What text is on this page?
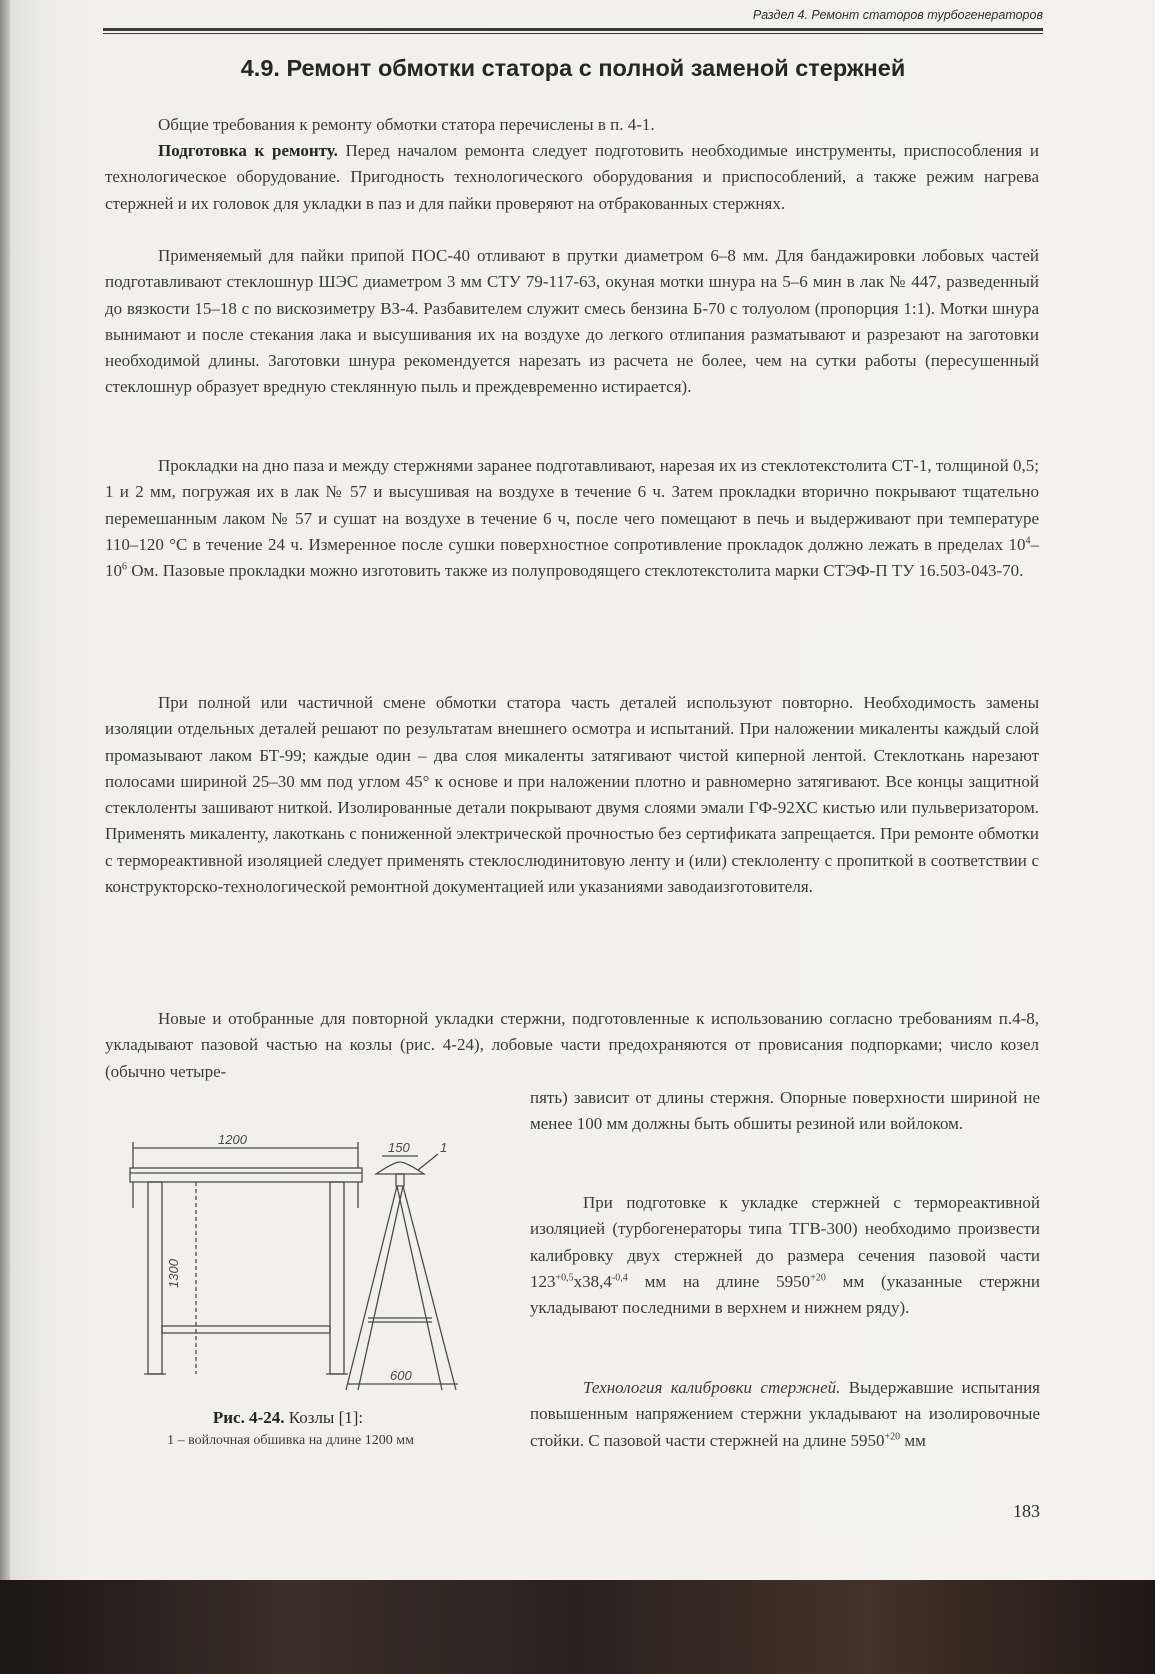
Раздел 4. Ремонт статоров турбогенераторов
4.9. Ремонт обмотки статора с полной заменой стержней

Общие требования к ремонту обмотки статора перечислены в п. 4-1.

Подготовка к ремонту. Перед началом ремонта следует подготовить необходимые инструменты, приспособления и технологическое оборудование. Пригодность технологического оборудования и приспособлений, а также режим нагрева стержней и их головок для укладки в паз и для пайки проверяют на отбракованных стержнях.

Применяемый для пайки припой ПОС-40 отливают в прутки диаметром 6–8 мм. Для бандажировки лобовых частей подготавливают стеклошнур ШЭС диаметром 3 мм СТУ 79-117-63, окуная мотки шнура на 5–6 мин в лак № 447, разведенный до вязкости 15–18 с по вискозиметру ВЗ-4. Разбавителем служит смесь бензина Б-70 с толуолом (пропорция 1:1). Мотки шнура вынимают и после стекания лака и высушивания их на воздухе до легкого отлипания разматывают и разрезают на заготовки необходимой длины. Заготовки шнура рекомендуется нарезать из расчета не более, чем на сутки работы (пересушенный стеклошнур образует вредную стеклянную пыль и преждевременно истирается).

Прокладки на дно паза и между стержнями заранее подготавливают, нарезая их из стеклотекстолита СТ-1, толщиной 0,5; 1 и 2 мм, погружая их в лак № 57 и высушивая на воздухе в течение 6 ч. Затем прокладки вторично покрывают тщательно перемешанным лаком № 57 и сушат на воздухе в течение 6 ч, после чего помещают в печь и выдерживают при температуре 110–120 °С в течение 24 ч. Измеренное после сушки поверхностное сопротивление прокладок должно лежать в пределах $10^4-10^6$ Ом. Пазовые прокладки можно изготовить также из полупроводящего стеклотекстолита марки СТЭФ-П ТУ 16.503-043-70.

При полной или частичной смене обмотки статора часть деталей используют повторно. Необходимость замены изоляции отдельных деталей решают по результатам внешнего осмотра и испытаний. При наложении микаленты каждый слой промазывают лаком БТ-99; каждые один – два слоя микаленты затягивают чистой киперной лентой. Стеклоткань нарезают полосами шириной 25–30 мм под углом 45° к основе и при наложении плотно и равномерно затягивают. Все концы защитной стеклоленты зашивают ниткой. Изолированные детали покрывают двумя слоями эмали ГФ-92ХС кистью или пульверизатором. Применять микаленту, лакоткань с пониженной электрической прочностью без сертификата запрещается. При ремонте обмотки с термореактивной изоляцией следует применять стеклослюдинитовую ленту и (или) стеклоленту с пропиткой в соответствии с конструкторско-технологической ремонтной документацией или указаниями заводаизготовителя.

Новые и отобранные для повторной укладки стержни, подготовленные к использованию согласно требованиям п.4-8, укладывают пазовой частью на козлы (рис. 4-24), лобовые части предохраняются от провисания подпорками; число козел (обычно четыре-

пять) зависит от длины стержня. Опорные поверхности шириной не менее 100 мм должны быть обшиты резиной или войлоком.

При подготовке к укладке стержней с термореактивной изоляцией (турбогенераторы типа ТГВ-300) необходимо произвести калибровку двух стержней до размера сечения пазовой части $123^{+0,5}х38,4^{-0,4}$ мм на длине $5950^{+20}$ мм (указанные стержни укладывают последними в верхнем и нижнем ряду).

Технология калибровки стержней. Выдержавшие испытания повышенным напряжением стержни укладывают на изолировочные стойки. С пазовой части стержней на длине $5950^{+20}$ мм

1200
1300
150
600
1

Рис. 4-24. Козлы [1]:

1 – войлочная обшивка на длине 1200 мм

183
